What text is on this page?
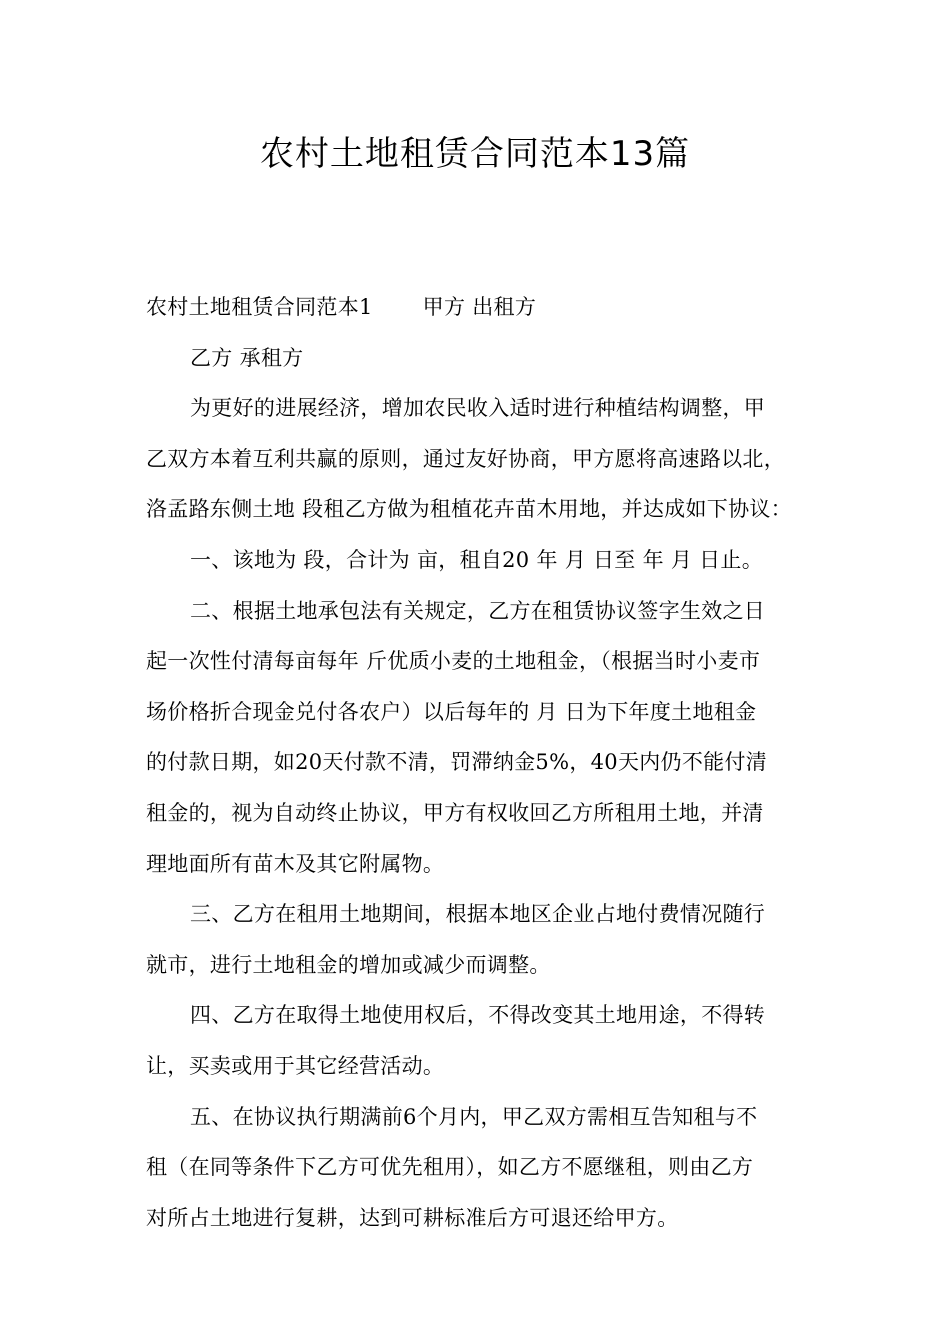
农村土地租赁合同范本13篇

农村土地租赁合同范本1 甲方 出租方

乙方 承租方

为更好的进展经济，增加农民收入适时进行种植结构调整，甲
乙双方本着互利共赢的原则，通过友好协商，甲方愿将高速路以北，
洛孟路东侧土地 段租乙方做为租植花卉苗木用地，并达成如下协议：

一、该地为 段，合计为 亩，租自20 年 月 日至 年 月 日止。

二、根据土地承包法有关规定，乙方在租赁协议签字生效之日
起一次性付清每亩每年 斤优质小麦的土地租金，（根据当时小麦市
场价格折合现金兑付各农户）以后每年的 月 日为下年度土地租金
的付款日期，如20天付款不清，罚滞纳金5%，40天内仍不能付清
租金的，视为自动终止协议，甲方有权收回乙方所租用土地，并清
理地面所有苗木及其它附属物。

三、乙方在租用土地期间，根据本地区企业占地付费情况随行
就市，进行土地租金的增加或减少而调整。

四、乙方在取得土地使用权后，不得改变其土地用途，不得转
让，买卖或用于其它经营活动。

五、在协议执行期满前6个月内，甲乙双方需相互告知租与不
租（在同等条件下乙方可优先租用），如乙方不愿继租，则由乙方
对所占土地进行复耕，达到可耕标准后方可退还给甲方。
